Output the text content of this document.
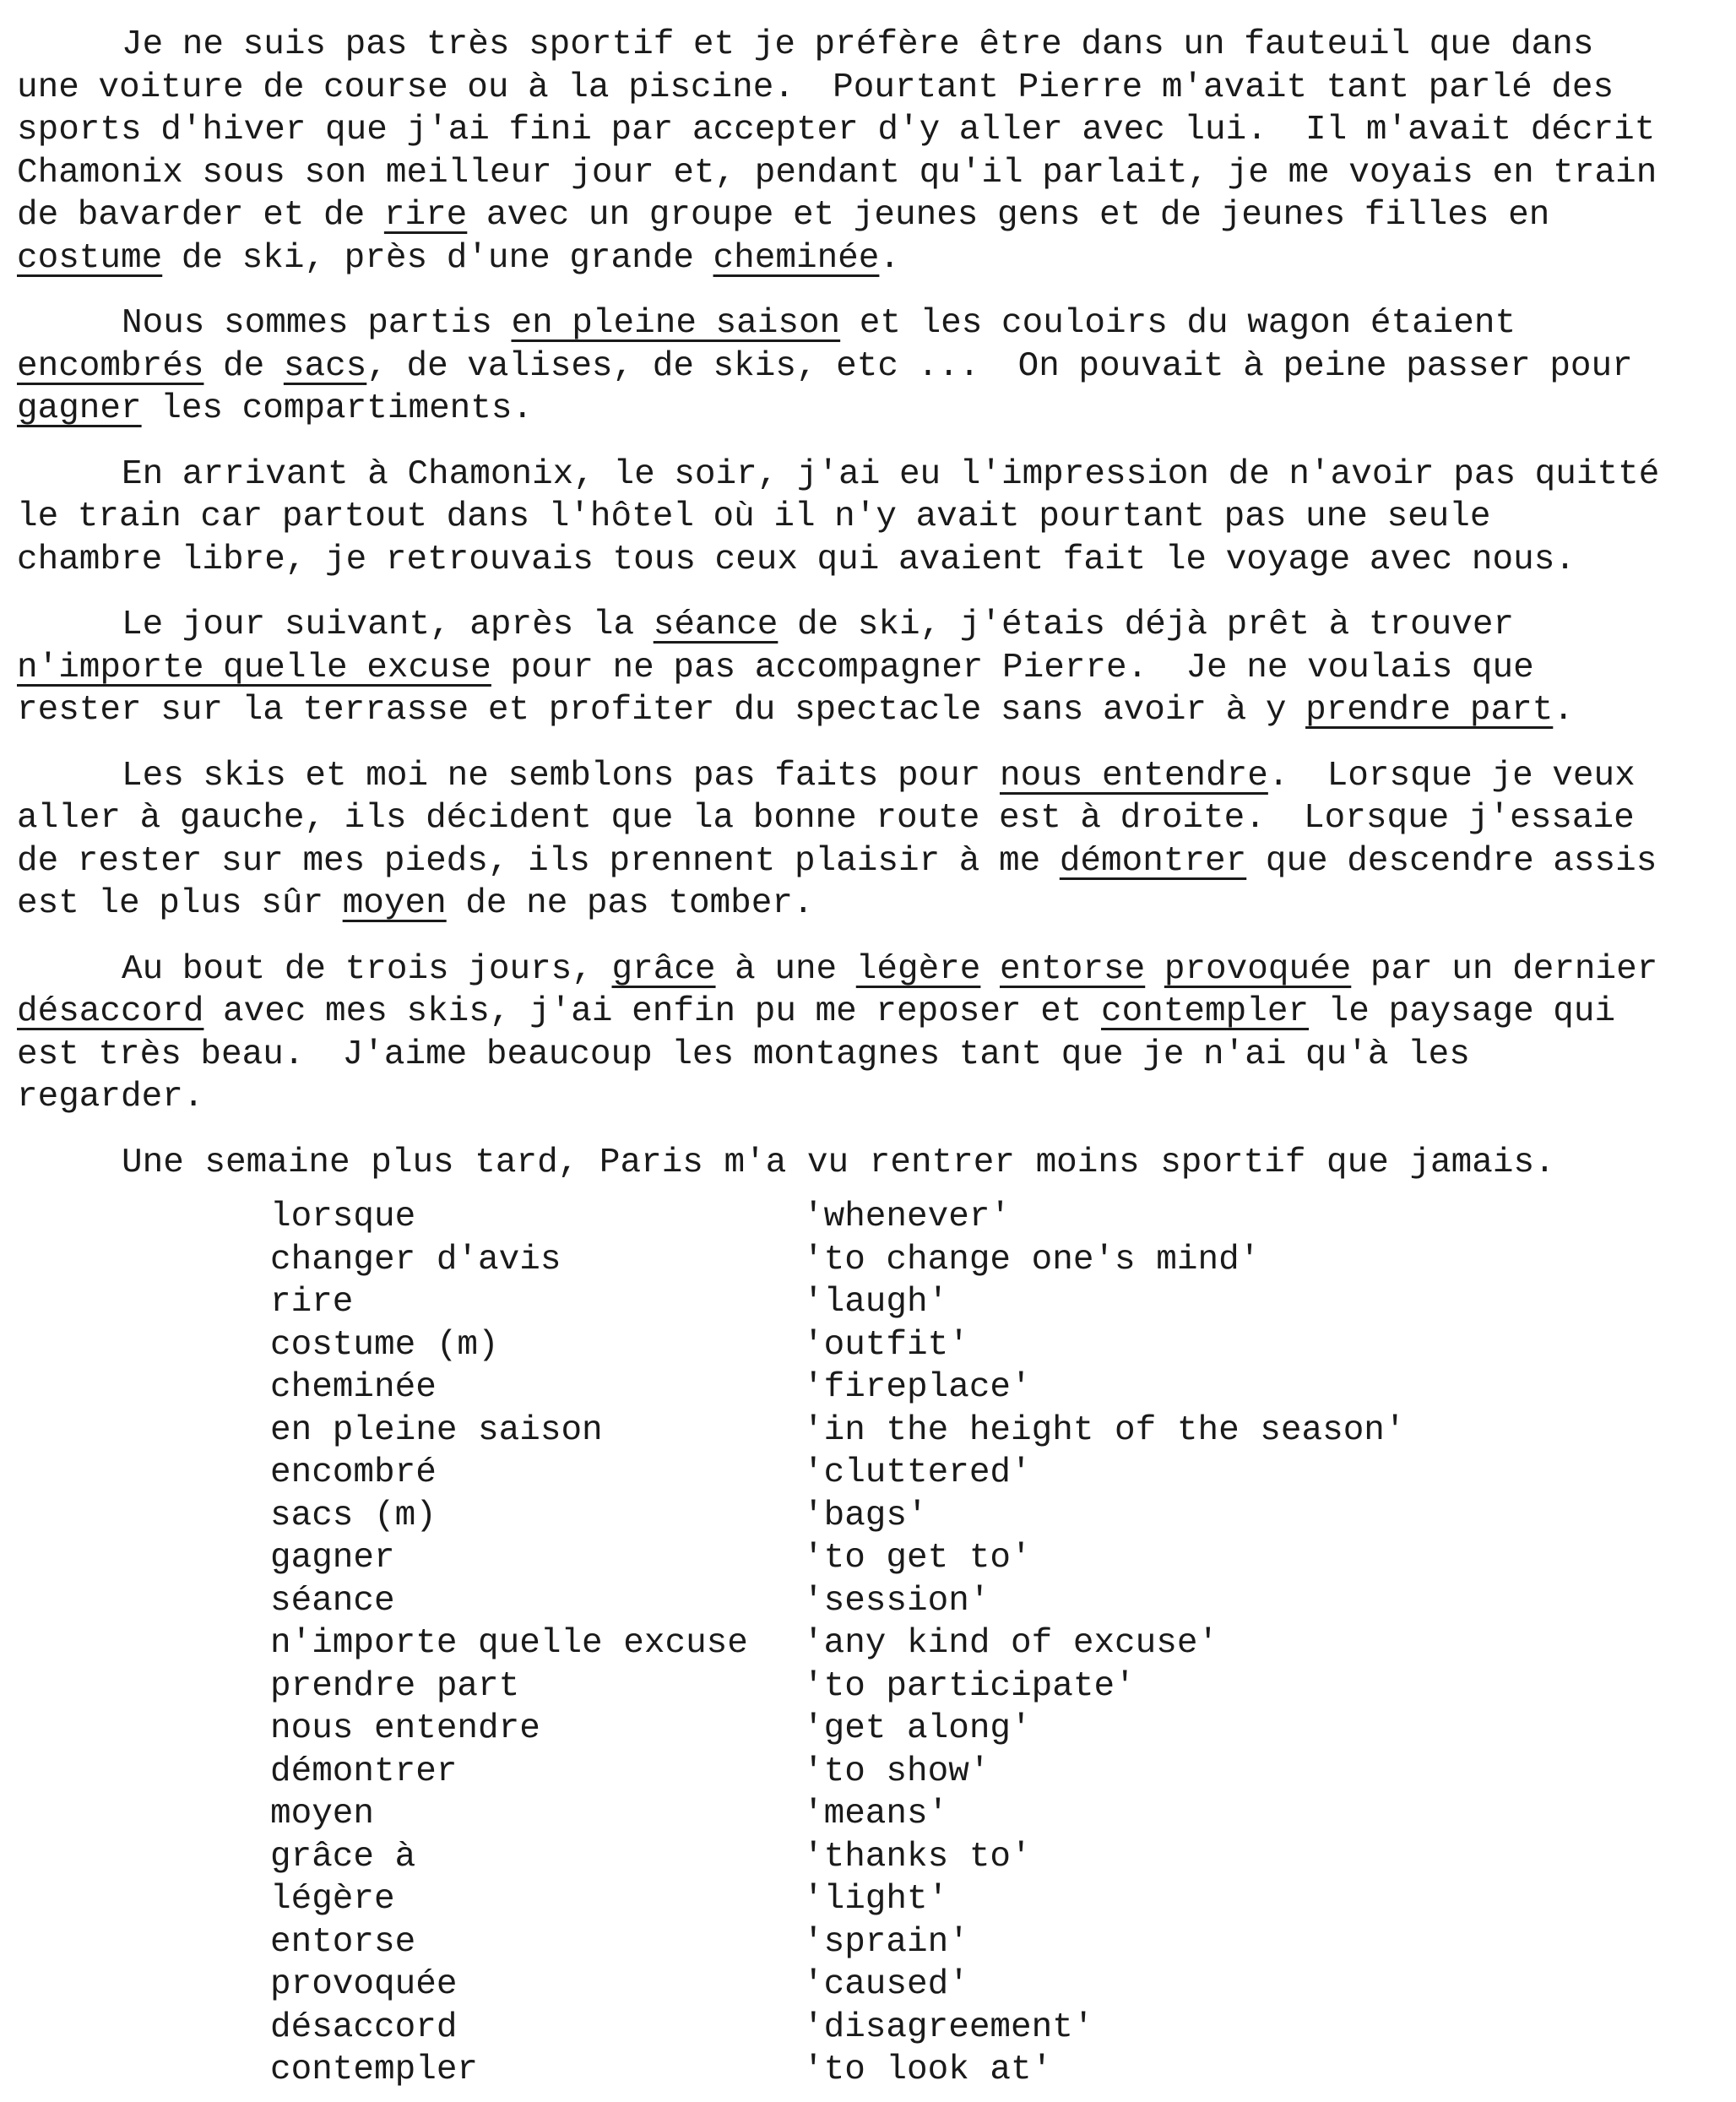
Je ne suis pas très sportif et je préfère être dans un fauteuil que dans
une voiture de course ou à la piscine.  Pourtant Pierre m'avait tant parlé des
sports d'hiver que j'ai fini par accepter d'y aller avec lui.  Il m'avait décrit
Chamonix sous son meilleur jour et, pendant qu'il parlait, je me voyais en train
de bavarder et de rire avec un groupe et jeunes gens et de jeunes filles en
costume de ski, près d'une grande cheminée.
Nous sommes partis en pleine saison et les couloirs du wagon étaient
encombrés de sacs, de valises, de skis, etc ...  On pouvait à peine passer pour
gagner les compartiments.
En arrivant à Chamonix, le soir, j'ai eu l'impression de n'avoir pas quitté
le train car partout dans l'hôtel où il n'y avait pourtant pas une seule
chambre libre, je retrouvais tous ceux qui avaient fait le voyage avec nous.
Le jour suivant, après la séance de ski, j'étais déjà prêt à trouver
n'importe quelle excuse pour ne pas accompagner Pierre.  Je ne voulais que
rester sur la terrasse et profiter du spectacle sans avoir à y prendre part.
Les skis et moi ne semblons pas faits pour nous entendre.  Lorsque je veux
aller à gauche, ils décident que la bonne route est à droite.  Lorsque j'essaie
de rester sur mes pieds, ils prennent plaisir à me démontrer que descendre assis
est le plus sûr moyen de ne pas tomber.
Au bout de trois jours, grâce à une légère entorse provoquée par un dernier
désaccord avec mes skis, j'ai enfin pu me reposer et contempler le paysage qui
est très beau.  J'aime beaucoup les montagnes tant que je n'ai qu'à les
regarder.
Une semaine plus tard, Paris m'a vu rentrer moins sportif que jamais.
lorsque	'whenever'
changer d'avis	'to change one's mind'
rire	'laugh'
costume (m)	'outfit'
cheminée	'fireplace'
en pleine saison	'in the height of the season'
encombré	'cluttered'
sacs (m)	'bags'
gagner	'to get to'
séance	'session'
n'importe quelle excuse	'any kind of excuse'
prendre part	'to participate'
nous entendre	'get along'
démontrer	'to show'
moyen	'means'
grâce à	'thanks to'
légère	'light'
entorse	'sprain'
provoquée	'caused'
désaccord	'disagreement'
contempler	'to look at'
